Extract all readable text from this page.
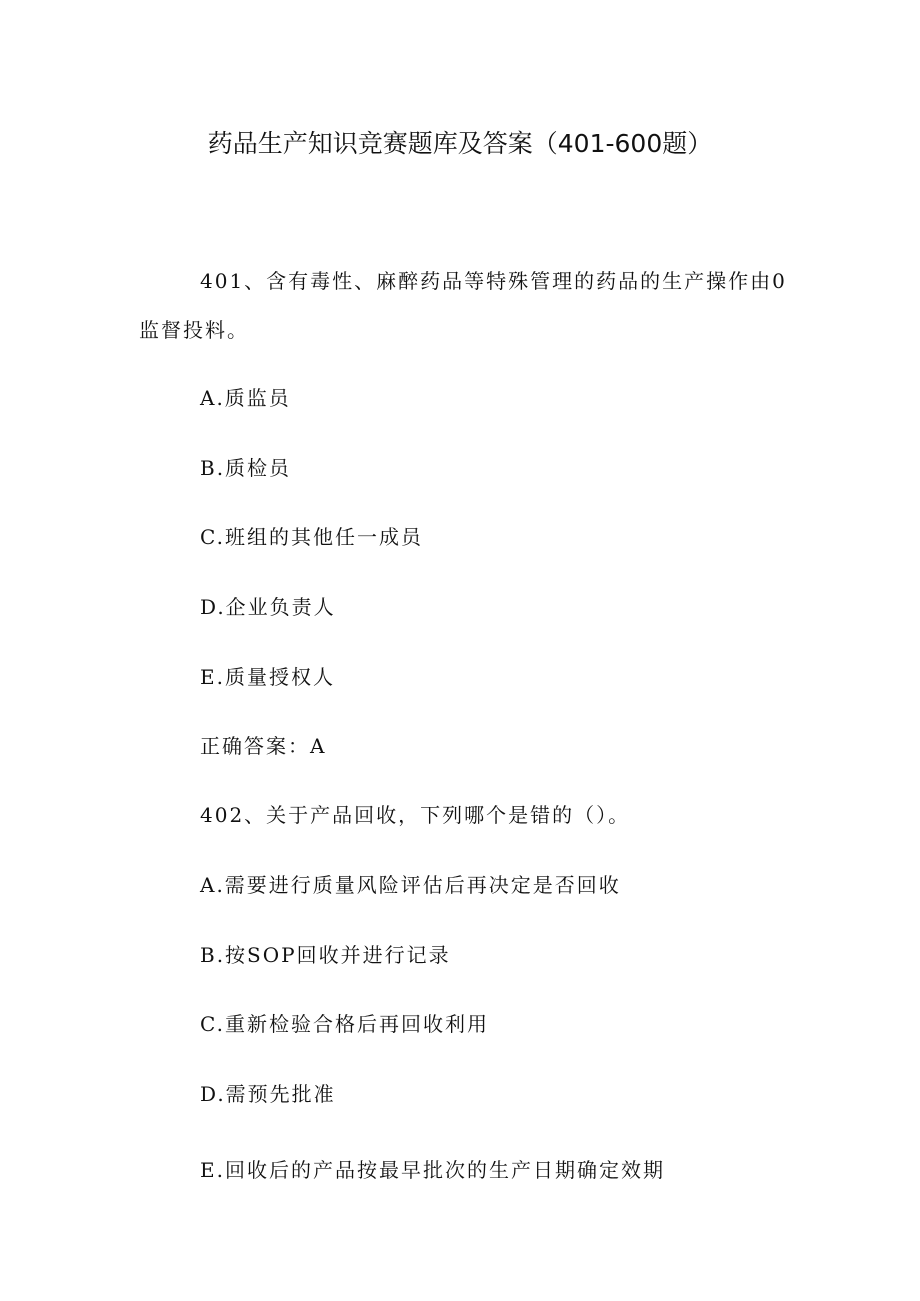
药品生产知识竞赛题库及答案（401-600题）
401、含有毒性、麻醉药品等特殊管理的药品的生产操作由0
监督投料。
A.质监员
B.质检员
C.班组的其他任一成员
D.企业负责人
E.质量授权人
正确答案：A
402、关于产品回收，下列哪个是错的（）。
A.需要进行质量风险评估后再决定是否回收
B.按SOP回收并进行记录
C.重新检验合格后再回收利用
D.需预先批准
E.回收后的产品按最早批次的生产日期确定效期
